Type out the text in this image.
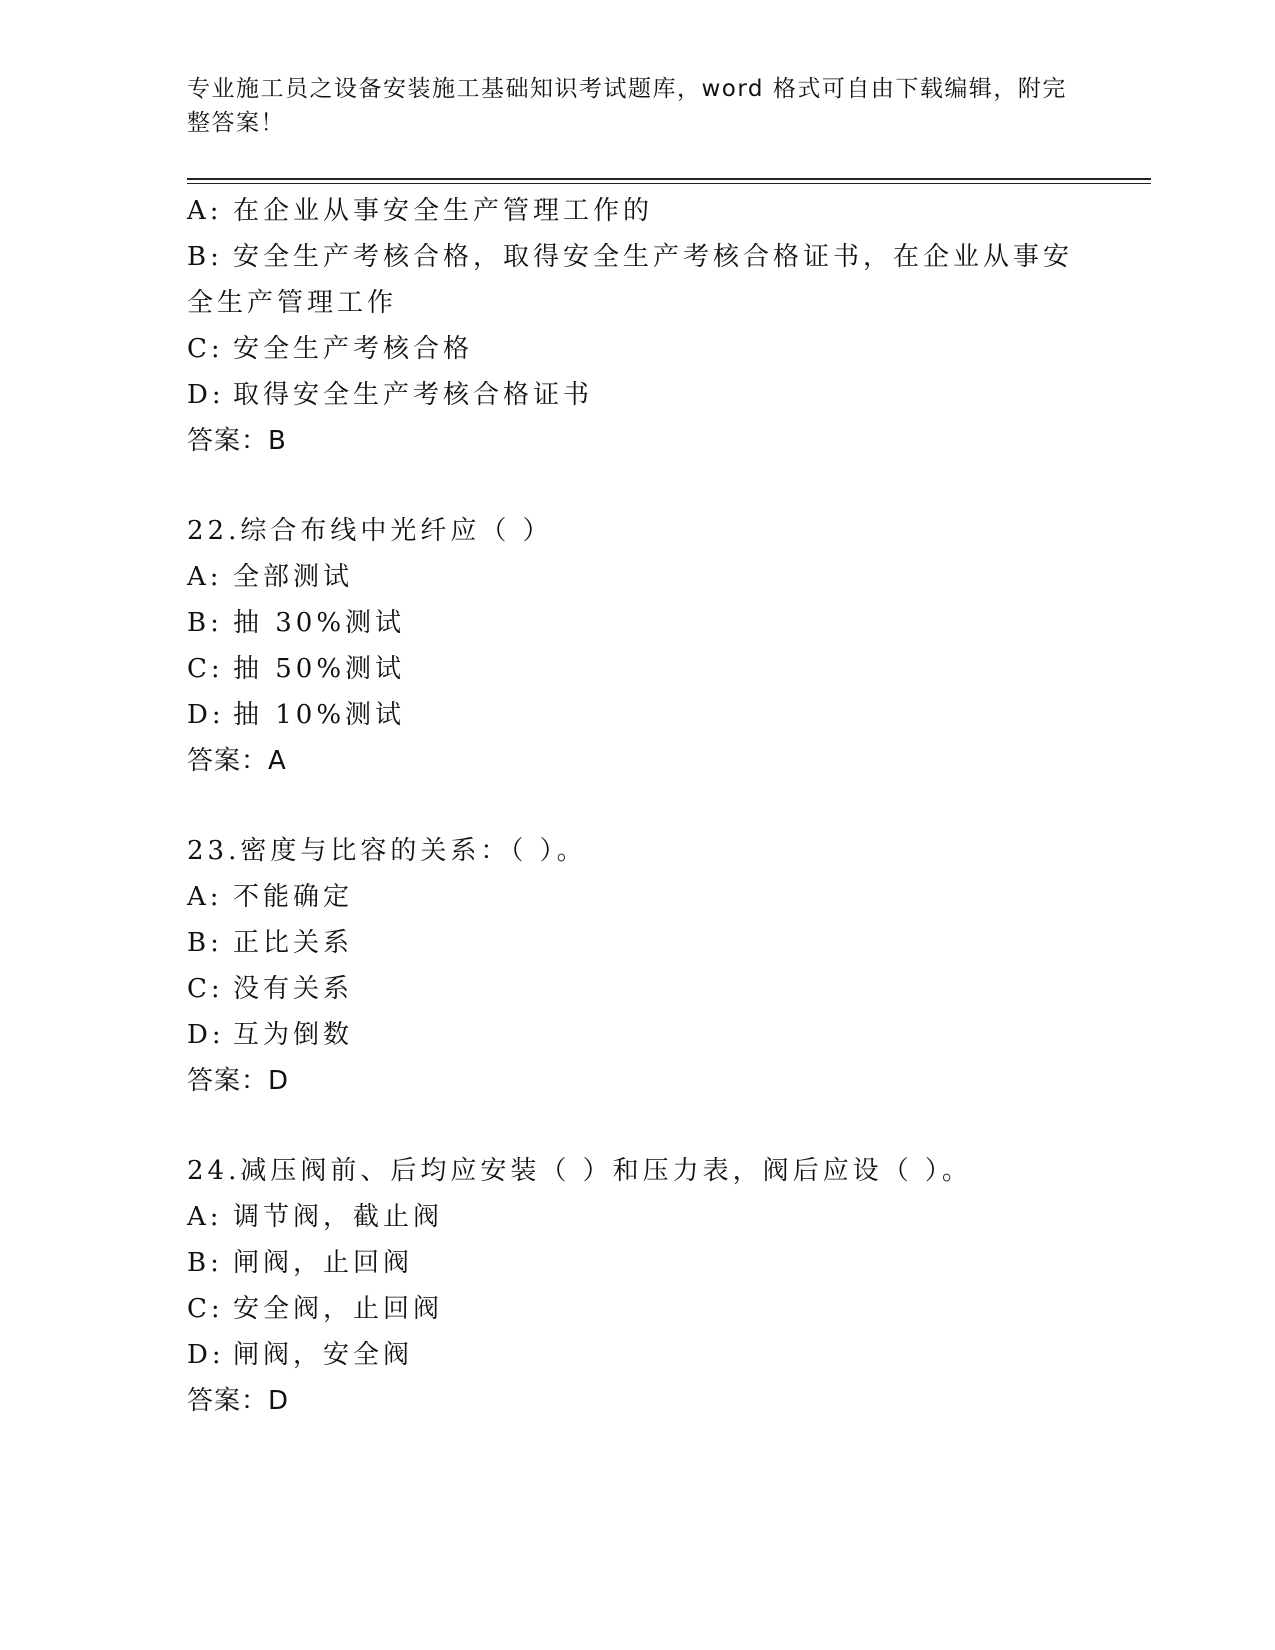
专业施工员之设备安装施工基础知识考试题库，word 格式可自由下载编辑，附完整答案！
A: 在企业从事安全生产管理工作的
B: 安全生产考核合格，取得安全生产考核合格证书，在企业从事安全生产管理工作
C: 安全生产考核合格
D: 取得安全生产考核合格证书
答案：B
22.综合布线中光纤应（ ）
A: 全部测试
B: 抽 30%测试
C: 抽 50%测试
D: 抽 10%测试
答案：A
23.密度与比容的关系：（ ）。
A: 不能确定
B: 正比关系
C: 没有关系
D: 互为倒数
答案：D
24.减压阀前、后均应安装（ ）和压力表，阀后应设（ ）。
A: 调节阀，截止阀
B: 闸阀，止回阀
C: 安全阀，止回阀
D: 闸阀，安全阀
答案：D
